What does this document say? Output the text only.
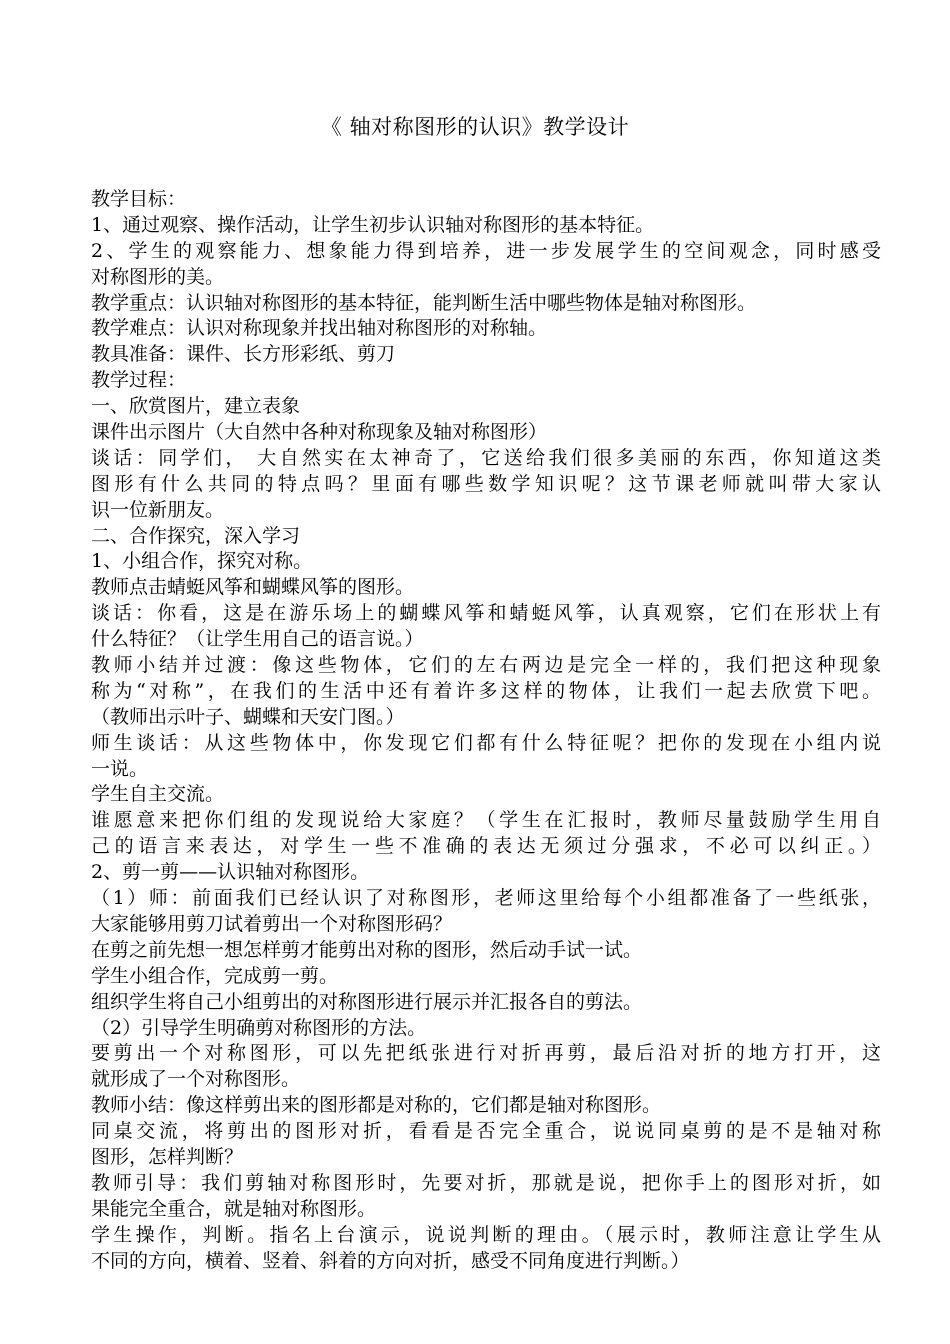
《 轴对称图形的认识》教学设计
教学目标：
1、通过观察、操作活动，让学生初步认识轴对称图形的基本特征。
2、学生的观察能力、想象能力得到培养，进一步发展学生的空间观念，同时感受
对称图形的美。
教学重点：认识轴对称图形的基本特征，能判断生活中哪些物体是轴对称图形。
教学难点：认识对称现象并找出轴对称图形的对称轴。
教具准备：课件、长方形彩纸、剪刀
教学过程：
一、欣赏图片，建立表象
课件出示图片（大自然中各种对称现象及轴对称图形）
谈话：同学们， 大自然实在太神奇了，它送给我们很多美丽的东西，你知道这类
图形有什么共同的特点吗？里面有哪些数学知识呢？这节课老师就叫带大家认
识一位新朋友。
二、合作探究，深入学习
1、小组合作，探究对称。
教师点击蜻蜓风筝和蝴蝶风筝的图形。
谈话：你看，这是在游乐场上的蝴蝶风筝和蜻蜓风筝，认真观察，它们在形状上有
什么特征？（让学生用自己的语言说。）
教师小结并过渡：像这些物体，它们的左右两边是完全一样的，我们把这种现象
称为“对称”，在我们的生活中还有着许多这样的物体，让我们一起去欣赏下吧。
（教师出示叶子、蝴蝶和天安门图。）
师生谈话：从这些物体中，你发现它们都有什么特征呢？把你的发现在小组内说
一说。
学生自主交流。
谁愿意来把你们组的发现说给大家庭？（学生在汇报时，教师尽量鼓励学生用自
己的语言来表达，对学生一些不准确的表达无须过分强求，不必可以纠正。）
2、剪一剪——认识轴对称图形。
（1）师：前面我们已经认识了对称图形，老师这里给每个小组都准备了一些纸张，
大家能够用剪刀试着剪出一个对称图形码？
在剪之前先想一想怎样剪才能剪出对称的图形，然后动手试一试。
学生小组合作，完成剪一剪。
组织学生将自己小组剪出的对称图形进行展示并汇报各自的剪法。
（2）引导学生明确剪对称图形的方法。
要剪出一个对称图形，可以先把纸张进行对折再剪，最后沿对折的地方打开，这
就形成了一个对称图形。
教师小结：像这样剪出来的图形都是对称的，它们都是轴对称图形。
同桌交流，将剪出的图形对折，看看是否完全重合，说说同桌剪的是不是轴对称
图形，怎样判断？
教师引导：我们剪轴对称图形时，先要对折，那就是说，把你手上的图形对折，如
果能完全重合，就是轴对称图形。
学生操作，判断。指名上台演示，说说判断的理由。（展示时，教师注意让学生从
不同的方向，横着、竖着、斜着的方向对折，感受不同角度进行判断。）
